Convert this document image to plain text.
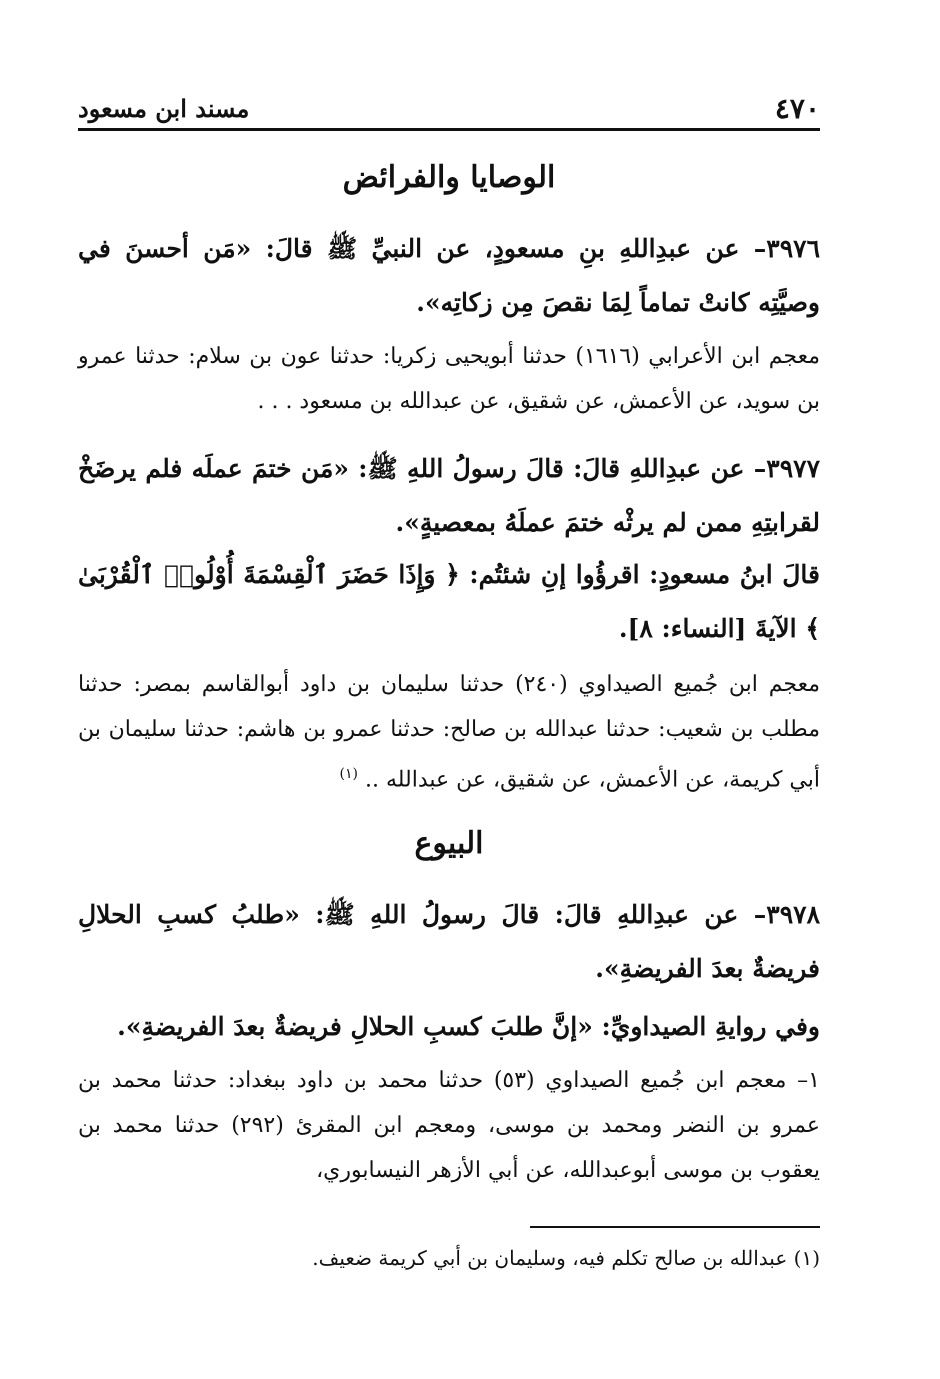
٤٧٠
مسند ابن مسعود
الوصايا والفرائض
٣٩٧٦– عن عبدِاللهِ بنِ مسعودٍ، عن النبيِّ ﷺ قالَ: «مَن أحسنَ في وصيَّتِه كانتْ تماماً لِمَا نقصَ مِن زكاتِه».
معجم ابن الأعرابي (١٦١٦) حدثنا أبويحيى زكريا: حدثنا عون بن سلام: حدثنا عمرو بن سويد، عن الأعمش، عن شقيق، عن عبدالله بن مسعود . . .
٣٩٧٧– عن عبدِاللهِ قالَ: قالَ رسولُ اللهِ ﷺ: «مَن ختمَ عملَه فلم يرضَخْ لقرابتِهِ ممن لم يرثْه ختمَ عملَهُ بمعصيةٍ».
قالَ ابنُ مسعودٍ: اقرؤُوا إنِ شئتُم: ﴿ وَإِذَا حَضَرَ ٱلْقِسْمَةَ أُوْلُوا۟ ٱلْقُرْبَىٰ ﴾ الآيةَ [النساء: ٨].
معجم ابن جُميع الصيداوي (٢٤٠) حدثنا سليمان بن داود أبوالقاسم بمصر: حدثنا مطلب بن شعيب: حدثنا عبدالله بن صالح: حدثنا عمرو بن هاشم: حدثنا سليمان بن أبي كريمة، عن الأعمش، عن شقيق، عن عبدالله .. $^{(١)}$
البيوع
٣٩٧٨– عن عبدِاللهِ قالَ: قالَ رسولُ اللهِ ﷺ: «طلبُ كسبِ الحلالِ فريضةٌ بعدَ الفريضةِ».
وفي روايةِ الصيداويِّ: «إنَّ طلبَ كسبِ الحلالِ فريضةٌ بعدَ الفريضةِ».
١– معجم ابن جُميع الصيداوي (٥٣) حدثنا محمد بن داود ببغداد: حدثنا محمد بن عمرو بن النضر ومحمد بن موسى، ومعجم ابن المقرئ (٢٩٢) حدثنا محمد بن يعقوب بن موسى أبوعبدالله، عن أبي الأزهر النيسابوري،
(١) عبدالله بن صالح تكلم فيه، وسليمان بن أبي كريمة ضعيف.
